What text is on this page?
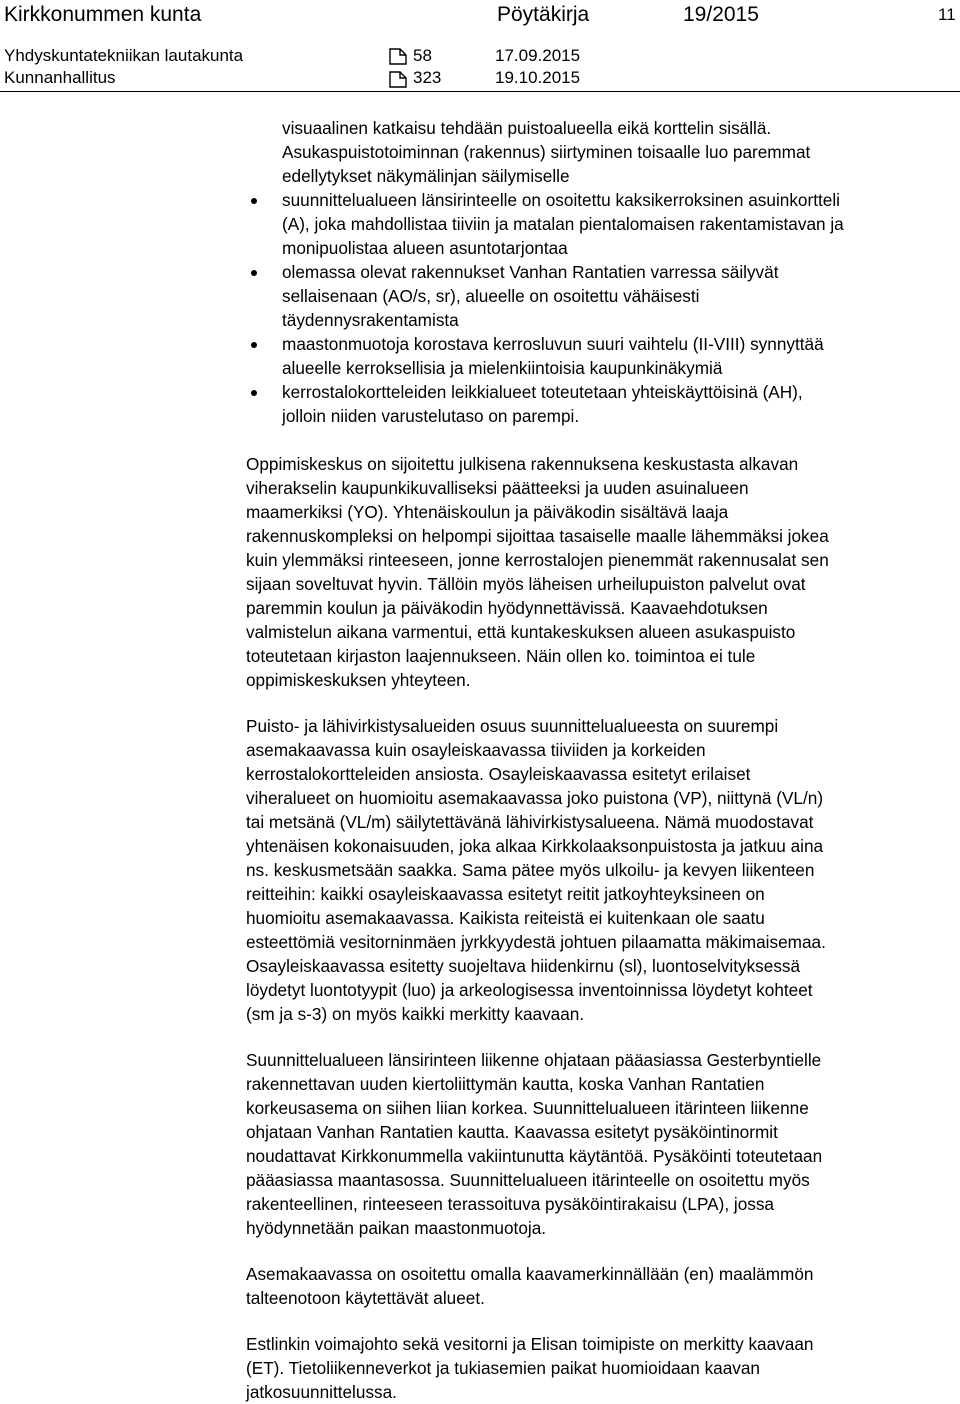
Kirkkonummen kunta	Pöytäkirja	19/2015	11
Yhdyskuntatekniikan lautakunta	58	17.09.2015
Kunnanhallitus	323	19.10.2015

visuaalinen katkaisu tehdään puistoalueella eikä korttelin sisällä.

Asukaspuistotoiminnan (rakennus) siirtyminen toisaalle luo paremmat

edellytykset näkymälinjan säilymiselle

suunnittelualueen länsirinteelle on osoitettu kaksikerroksinen asuinkortteli

(A), joka mahdollistaa tiiviin ja matalan pientalomaisen rakentamistavan ja

monipuolistaa alueen asuntotarjontaa

olemassa olevat rakennukset Vanhan Rantatien varressa säilyvät

sellaisenaan (AO/s, sr), alueelle on osoitettu vähäisesti

täydennysrakentamista

maastonmuotoja korostava kerrosluvun suuri vaihtelu (II-VIII) synnyttää

alueelle kerroksellisia ja mielenkiintoisia kaupunkinäkymiä

kerrostalokortteleiden leikkialueet toteutetaan yhteiskäyttöisinä (AH),

jolloin niiden varustelutaso on parempi.

Oppimiskeskus on sijoitettu julkisena rakennuksena keskustasta alkavan

viherakselin kaupunkikuvalliseksi päätteeksi ja uuden asuinalueen

maamerkiksi (YO). Yhtenäiskoulun ja päiväkodin sisältävä laaja

rakennuskompleksi on helpompi sijoittaa tasaiselle maalle lähemmäksi jokea

kuin ylemmäksi rinteeseen, jonne kerrostalojen pienemmät rakennusalat sen

sijaan soveltuvat hyvin. Tällöin myös läheisen urheilupuiston palvelut ovat

paremmin koulun ja päiväkodin hyödynnettävissä. Kaavaehdotuksen

valmistelun aikana varmentui, että kuntakeskuksen alueen asukaspuisto

toteutetaan kirjaston laajennukseen. Näin ollen ko. toimintoa ei tule

oppimiskeskuksen yhteyteen.

Puisto- ja lähivirkistysalueiden osuus suunnittelualueesta on suurempi

asemakaavassa kuin osayleiskaavassa tiiviiden ja korkeiden

kerrostalokortteleiden ansiosta. Osayleiskaavassa esitetyt erilaiset

viheralueet on huomioitu asemakaavassa joko puistona (VP), niittynä (VL/n)

tai metsänä (VL/m) säilytettävänä lähivirkistysalueena. Nämä muodostavat

yhtenäisen kokonaisuuden, joka alkaa Kirkkolaaksonpuistosta ja jatkuu aina

ns. keskusmetsään saakka. Sama pätee myös ulkoilu- ja kevyen liikenteen

reitteihin: kaikki osayleiskaavassa esitetyt reitit jatkoyhteyksineen on

huomioitu asemakaavassa. Kaikista reiteistä ei kuitenkaan ole saatu

esteettömiä vesitorninmäen jyrkkyydestä johtuen pilaamatta mäkimaisemaa.

Osayleiskaavassa esitetty suojeltava hiidenkirnu (sl), luontoselvityksessä

löydetyt luontotyypit (luo) ja arkeologisessa inventoinnissa löydetyt kohteet

(sm ja s-3) on myös kaikki merkitty kaavaan.

Suunnittelualueen länsirinteen liikenne ohjataan pääasiassa Gesterbyntielle

rakennettavan uuden kiertoliittymän kautta, koska Vanhan Rantatien

korkeusasema on siihen liian korkea. Suunnittelualueen itärinteen liikenne

ohjataan Vanhan Rantatien kautta. Kaavassa esitetyt pysäköintinormit

noudattavat Kirkkonummella vakiintunutta käytäntöä. Pysäköinti toteutetaan

pääasiassa maantasossa. Suunnittelualueen itärinteelle on osoitettu myös

rakenteellinen, rinteeseen terassoituva pysäköintirakaisu (LPA), jossa

hyödynnetään paikan maastonmuotoja.

Asemakaavassa on osoitettu omalla kaavamerkinnällään (en) maalämmön

talteenotoon käytettävät alueet.

Estlinkin voimajohto sekä vesitorni ja Elisan toimipiste on merkitty kaavaan

(ET). Tietoliikenneverkot ja tukiasemien paikat huomioidaan kaavan

jatkosuunnittelussa.
